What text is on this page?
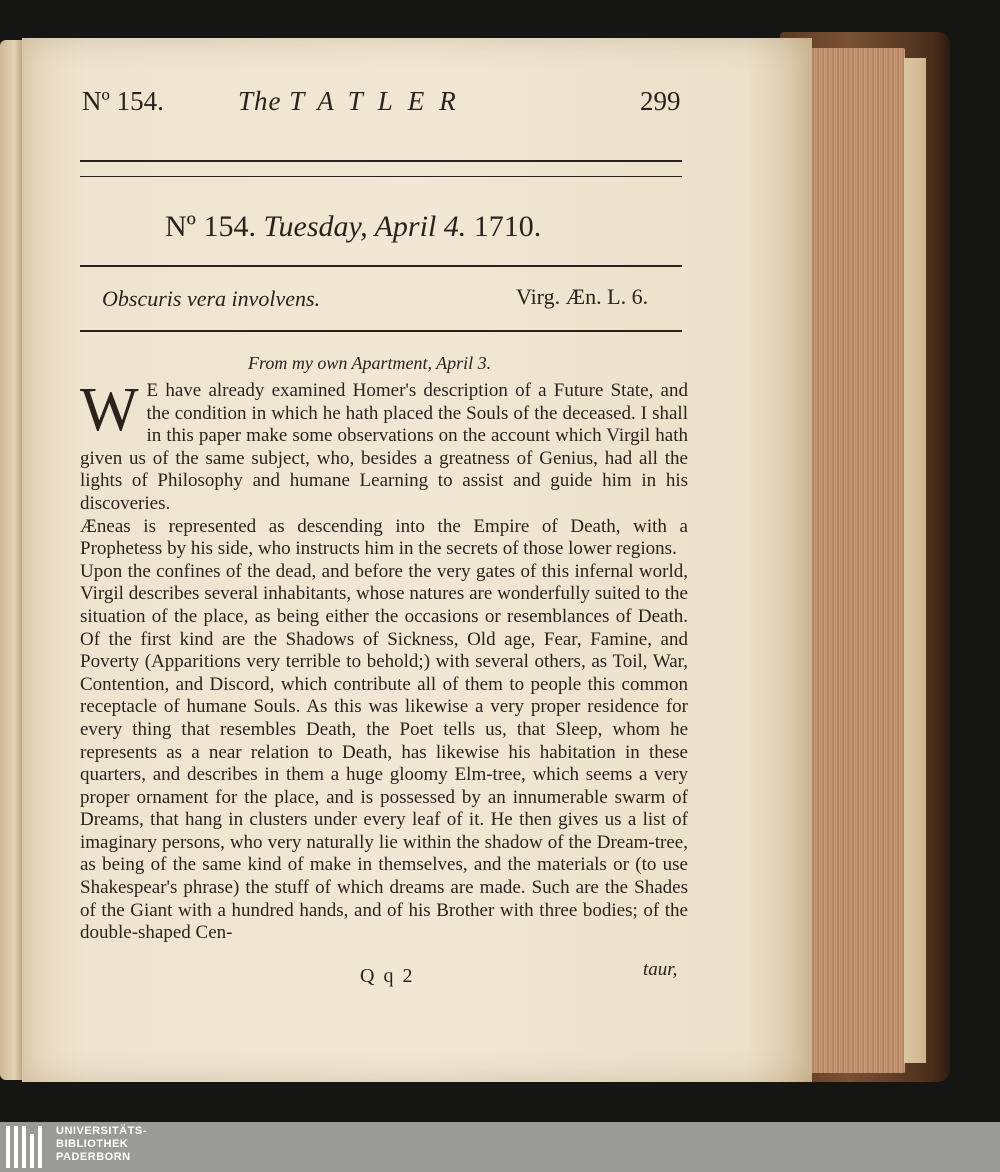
Nº 154.	The TATLER	299
Nº 154. Tuesday, April 4. 1710.
Obscuris vera involvens.	Virg. Æn. L. 6.
From my own Apartment, April 3.

W E have already examined Homer's description of a Future State, and the condition in which he hath placed the Souls of the deceased. I shall in this paper make some observations on the account which Virgil hath given us of the same subject, who, besides a greatness of Genius, had all the lights of Philosophy and humane Learning to assist and guide him in his discoveries.

Æneas is represented as descending into the Empire of Death, with a Prophetess by his side, who instructs him in the secrets of those lower regions.

Upon the confines of the dead, and before the very gates of this infernal world, Virgil describes several inhabitants, whose natures are wonderfully suited to the situation of the place, as being either the occasions or resemblances of Death. Of the first kind are the Shadows of Sickness, Old age, Fear, Famine, and Poverty (Apparitions very terrible to behold;) with several others, as Toil, War, Contention, and Discord, which contribute all of them to people this common receptacle of humane Souls. As this was likewise a very proper residence for every thing that resembles Death, the Poet tells us, that Sleep, whom he represents as a near relation to Death, has likewise his habitation in these quarters, and describes in them a huge gloomy Elm-tree, which seems a very proper ornament for the place, and is possessed by an innumerable swarm of Dreams, that hang in clusters under every leaf of it. He then gives us a list of imaginary persons, who very naturally lie within the shadow of the Dream-tree, as being of the same kind of make in themselves, and the materials or (to use Shakespear's phrase) the stuff of which dreams are made. Such are the Shades of the Giant with a hundred hands, and of his Brother with three bodies; of the double-shaped Cen-

Q q 2	taur,
UNIVERSITÄTS-
BIBLIOTHEK
PADERBORN
